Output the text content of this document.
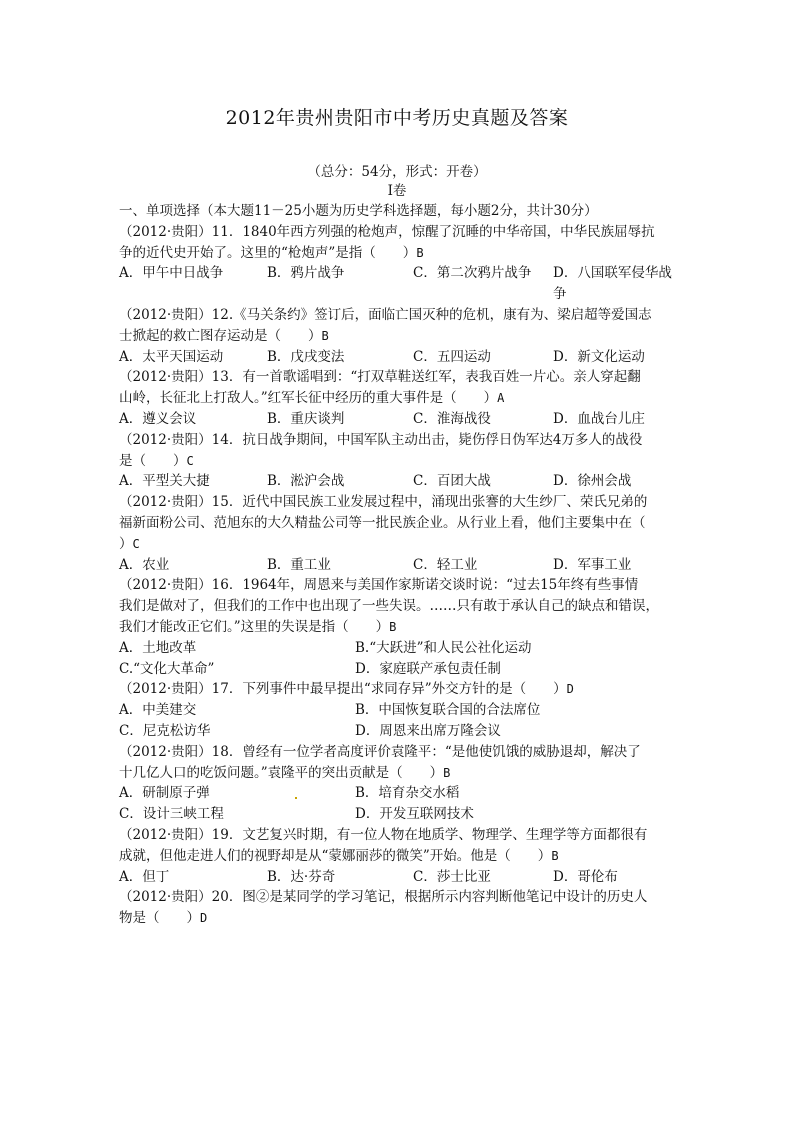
2012年贵州贵阳市中考历史真题及答案
（总分：54分，形式：开卷）
Ⅰ卷
一、单项选择（本大题11－25小题为历史学科选择题，每小题2分，共计30分）
（2012·贵阳）11．1840年西方列强的枪炮声，惊醒了沉睡的中华帝国，中华民族屈辱抗
争的近代史开始了。这里的“枪炮声”是指（　　）B
A．甲午中日战争	B．鸦片战争	C．第二次鸦片战争	D．八国联军侵华战争
（2012·贵阳）12.《马关条约》签订后，面临亡国灭种的危机，康有为、梁启超等爱国志
士掀起的救亡图存运动是（　　）B
A．太平天国运动	B．戊戌变法	C．五四运动	D．新文化运动
（2012·贵阳）13．有一首歌谣唱到：“打双草鞋送红军，表我百姓一片心。亲人穿起翻
山岭，长征北上打敌人。”红军长征中经历的重大事件是（　　）A
A．遵义会议	B．重庆谈判	C．淮海战役	D．血战台儿庄
（2012·贵阳）14．抗日战争期间，中国军队主动出击，毙伤俘日伪军达4万多人的战役
是（　　）C
A．平型关大捷	B．淞沪会战	C．百团大战	D．徐州会战
（2012·贵阳）15．近代中国民族工业发展过程中，涌现出张謇的大生纱厂、荣氏兄弟的
福新面粉公司、范旭东的大久精盐公司等一批民族企业。从行业上看，他们主要集中在（
）C
A．农业	B．重工业	C．轻工业	D．军事工业
（2012·贵阳）16．1964年，周恩来与美国作家斯诺交谈时说：“过去15年终有些事情
我们是做对了，但我们的工作中也出现了一些失误。……只有敢于承认自己的缺点和错误，
我们才能改正它们。”这里的失误是指（　　）B
A．土地改革	B.“大跃进”和人民公社化运动
C.“文化大革命”	D．家庭联产承包责任制
（2012·贵阳）17．下列事件中最早提出“求同存异”外交方针的是（　　）D
A．中美建交	B．中国恢复联合国的合法席位
C．尼克松访华	D．周恩来出席万隆会议
（2012·贵阳）18．曾经有一位学者高度评价袁隆平：“是他使饥饿的威胁退却，解决了
十几亿人口的吃饭问题。”袁隆平的突出贡献是（　　）B
A．研制原子弹	B．培育杂交水稻
C．设计三峡工程	D．开发互联网技术
（2012·贵阳）19．文艺复兴时期，有一位人物在地质学、物理学、生理学等方面都很有
成就，但他走进人们的视野却是从“蒙娜丽莎的微笑”开始。他是（　　）B
A．但丁	B．达·芬奇	C．莎士比亚	D．哥伦布
（2012·贵阳）20．图②是某同学的学习笔记，根据所示内容判断他笔记中设计的历史人
物是（　　）D
